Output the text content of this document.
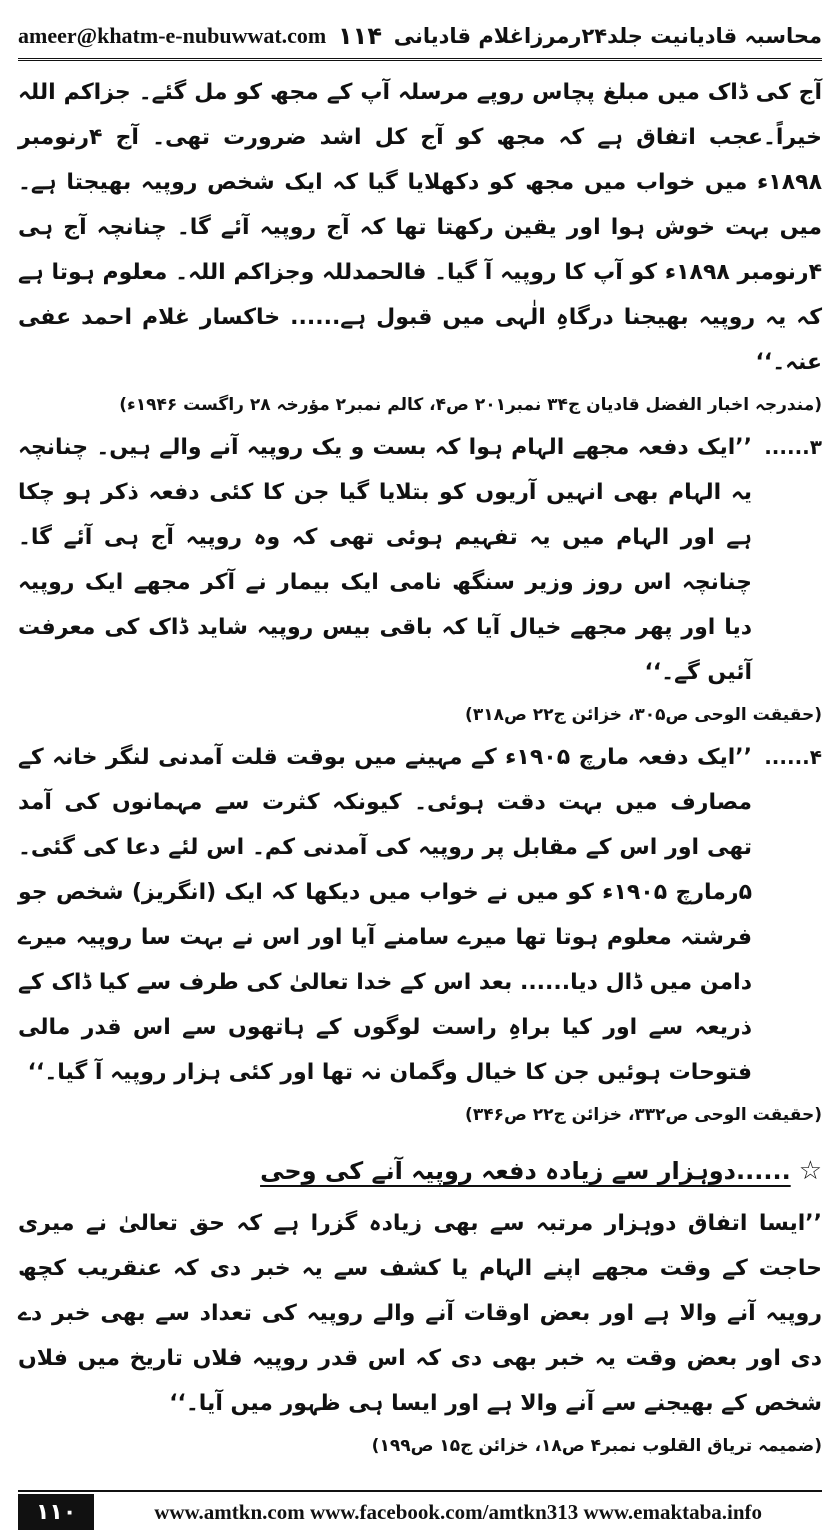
ameer@khatm-e-nubuwwat.com ۱۱۴ محاسبہ قادیانیت جلد۲۴رمرزاغلام قادیانی

آج کی ڈاک میں مبلغ پچاس روپے مرسلہ آپ کے مجھ کو مل گئے۔ جزاکم اللہ خیراً۔عجب اتفاق ہے کہ مجھ کو آج کل اشد ضرورت تھی۔ آج ۴رنومبر ۱۸۹۸ء میں خواب میں مجھ کو دکھلایا گیا کہ ایک شخص روپیہ بھیجتا ہے۔ میں بہت خوش ہوا اور یقین رکھتا تھا کہ آج روپیہ آئے گا۔ چنانچہ آج ہی ۴رنومبر ۱۸۹۸ء کو آپ کا روپیہ آ گیا۔ فالحمدللہ وجزاکم اللہ۔ معلوم ہوتا ہے کہ یہ روپیہ بھیجنا درگاہِ الٰہی میں قبول ہے...... خاکسار غلام احمد عفی عنہ۔‘‘

(مندرجہ اخبار الفضل قادیان ج۳۴ نمبر۲۰۱ ص۴، کالم نمبر۲ مؤرخہ ۲۸ راگست ۱۹۴۶ء)

۳......

’’ایک دفعہ مجھے الہام ہوا کہ بست و یک روپیہ آنے والے ہیں۔ چنانچہ یہ الہام بھی انہیں آریوں کو بتلایا گیا جن کا کئی دفعہ ذکر ہو چکا ہے اور الہام میں یہ تفہیم ہوئی تھی کہ وہ روپیہ آج ہی آئے گا۔ چنانچہ اس روز وزیر سنگھ نامی ایک بیمار نے آکر مجھے ایک روپیہ دیا اور پھر مجھے خیال آیا کہ باقی بیس روپیہ شاید ڈاک کی معرفت آئیں گے۔‘‘

(حقیقت الوحی ص۳۰۵، خزائن ج۲۲ ص۳۱۸)

۴......

’’ایک دفعہ مارچ ۱۹۰۵ء کے مہینے میں بوقت قلت آمدنی لنگر خانہ کے مصارف میں بہت دقت ہوئی۔ کیونکہ کثرت سے مہمانوں کی آمد تھی اور اس کے مقابل پر روپیہ کی آمدنی کم۔ اس لئے دعا کی گئی۔ ۵رمارچ ۱۹۰۵ء کو میں نے خواب میں دیکھا کہ ایک (انگریز) شخص جو فرشتہ معلوم ہوتا تھا میرے سامنے آیا اور اس نے بہت سا روپیہ میرے دامن میں ڈال دیا...... بعد اس کے خدا تعالیٰ کی طرف سے کیا ڈاک کے ذریعہ سے اور کیا براہِ راست لوگوں کے ہاتھوں سے اس قدر مالی فتوحات ہوئیں جن کا خیال وگمان نہ تھا اور کئی ہزار روپیہ آ گیا۔‘‘

(حقیقت الوحی ص۳۳۲، خزائن ج۲۲ ص۳۴۶)

☆
......دوہزار سے زیادہ دفعہ روپیہ آنے کی وحی

’’ایسا اتفاق دوہزار مرتبہ سے بھی زیادہ گزرا ہے کہ حق تعالیٰ نے میری حاجت کے وقت مجھے اپنے الہام یا کشف سے یہ خبر دی کہ عنقریب کچھ روپیہ آنے والا ہے اور بعض اوقات آنے والے روپیہ کی تعداد سے بھی خبر دے دی اور بعض وقت یہ خبر بھی دی کہ اس قدر روپیہ فلاں تاریخ میں فلاں شخص کے بھیجنے سے آنے والا ہے اور ایسا ہی ظہور میں آیا۔‘‘

(ضمیمہ تریاق القلوب نمبر۴ ص۱۸، خزائن ج۱۵ ص۱۹۹)

۱۱۰	www.amtkn.com www.facebook.com/amtkn313 www.emaktaba.info
